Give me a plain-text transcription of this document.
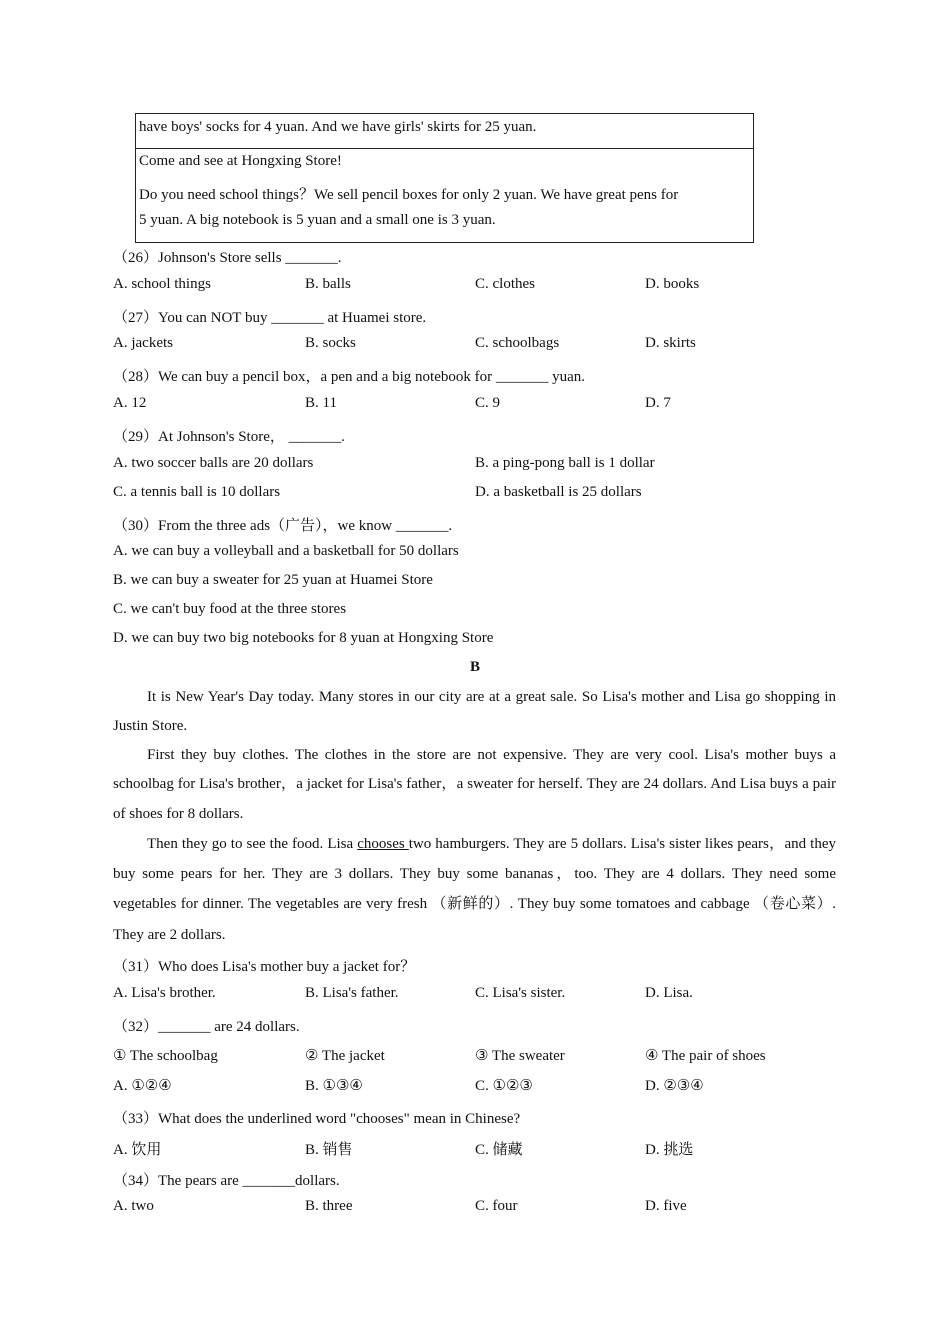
have boys' socks for 4 yuan. And we have girls' skirts for 25 yuan.
Come and see at Hongxing Store!
Do you need school things？We sell pencil boxes for only 2 yuan. We have great pens for
5 yuan. A big notebook is 5 yuan and a small one is 3 yuan.
（26）Johnson's Store sells _______.
A. school things	B. balls	C. clothes	D. books
（27）You can NOT buy _______ at Huamei store.
A. jackets	B. socks	C. schoolbags	D. skirts
（28）We can buy a pencil box，a pen and a big notebook for _______ yuan.
A. 12	B. 11	C. 9	D. 7
（29）At Johnson's Store， _______.
A. two soccer balls are 20 dollars	B. a ping-pong ball is 1 dollar
C. a tennis ball is 10 dollars	D. a basketball is 25 dollars
（30）From the three ads（广告），we know _______.
A. we can buy a volleyball and a basketball for 50 dollars
B. we can buy a sweater for 25 yuan at Huamei Store
C. we can't buy food at the three stores
D. we can buy two big notebooks for 8 yuan at Hongxing Store
B
It is New Year's Day today. Many stores in our city are at a great sale. So Lisa's mother and Lisa go shopping in Justin Store.
First they buy clothes. The clothes in the store are not expensive. They are very cool. Lisa's mother buys a schoolbag for Lisa's brother，a jacket for Lisa's father，a sweater for herself. They are 24 dollars. And Lisa buys a pair of shoes for 8 dollars.
Then they go to see the food. Lisa chooses two hamburgers. They are 5 dollars. Lisa's sister likes pears，and they buy some pears for her. They are 3 dollars. They buy some bananas，too. They are 4 dollars. They need some vegetables for dinner. The vegetables are very fresh （新鲜的）. They buy some tomatoes and cabbage （卷心菜）. They are 2 dollars.
（31）Who does Lisa's mother buy a jacket for？
A. Lisa's brother.	B. Lisa's father.	C. Lisa's sister.	D. Lisa.
（32）_______ are 24 dollars.
① The schoolbag	② The jacket	③ The sweater	④ The pair of shoes
A. ①②④	B. ①③④	C. ①②③	D. ②③④
（33）What does the underlined word "chooses" mean in Chinese?
A. 饮用	B. 销售	C. 储藏	D. 挑选
（34）The pears are _______dollars.
A. two	B. three	C. four	D. five
